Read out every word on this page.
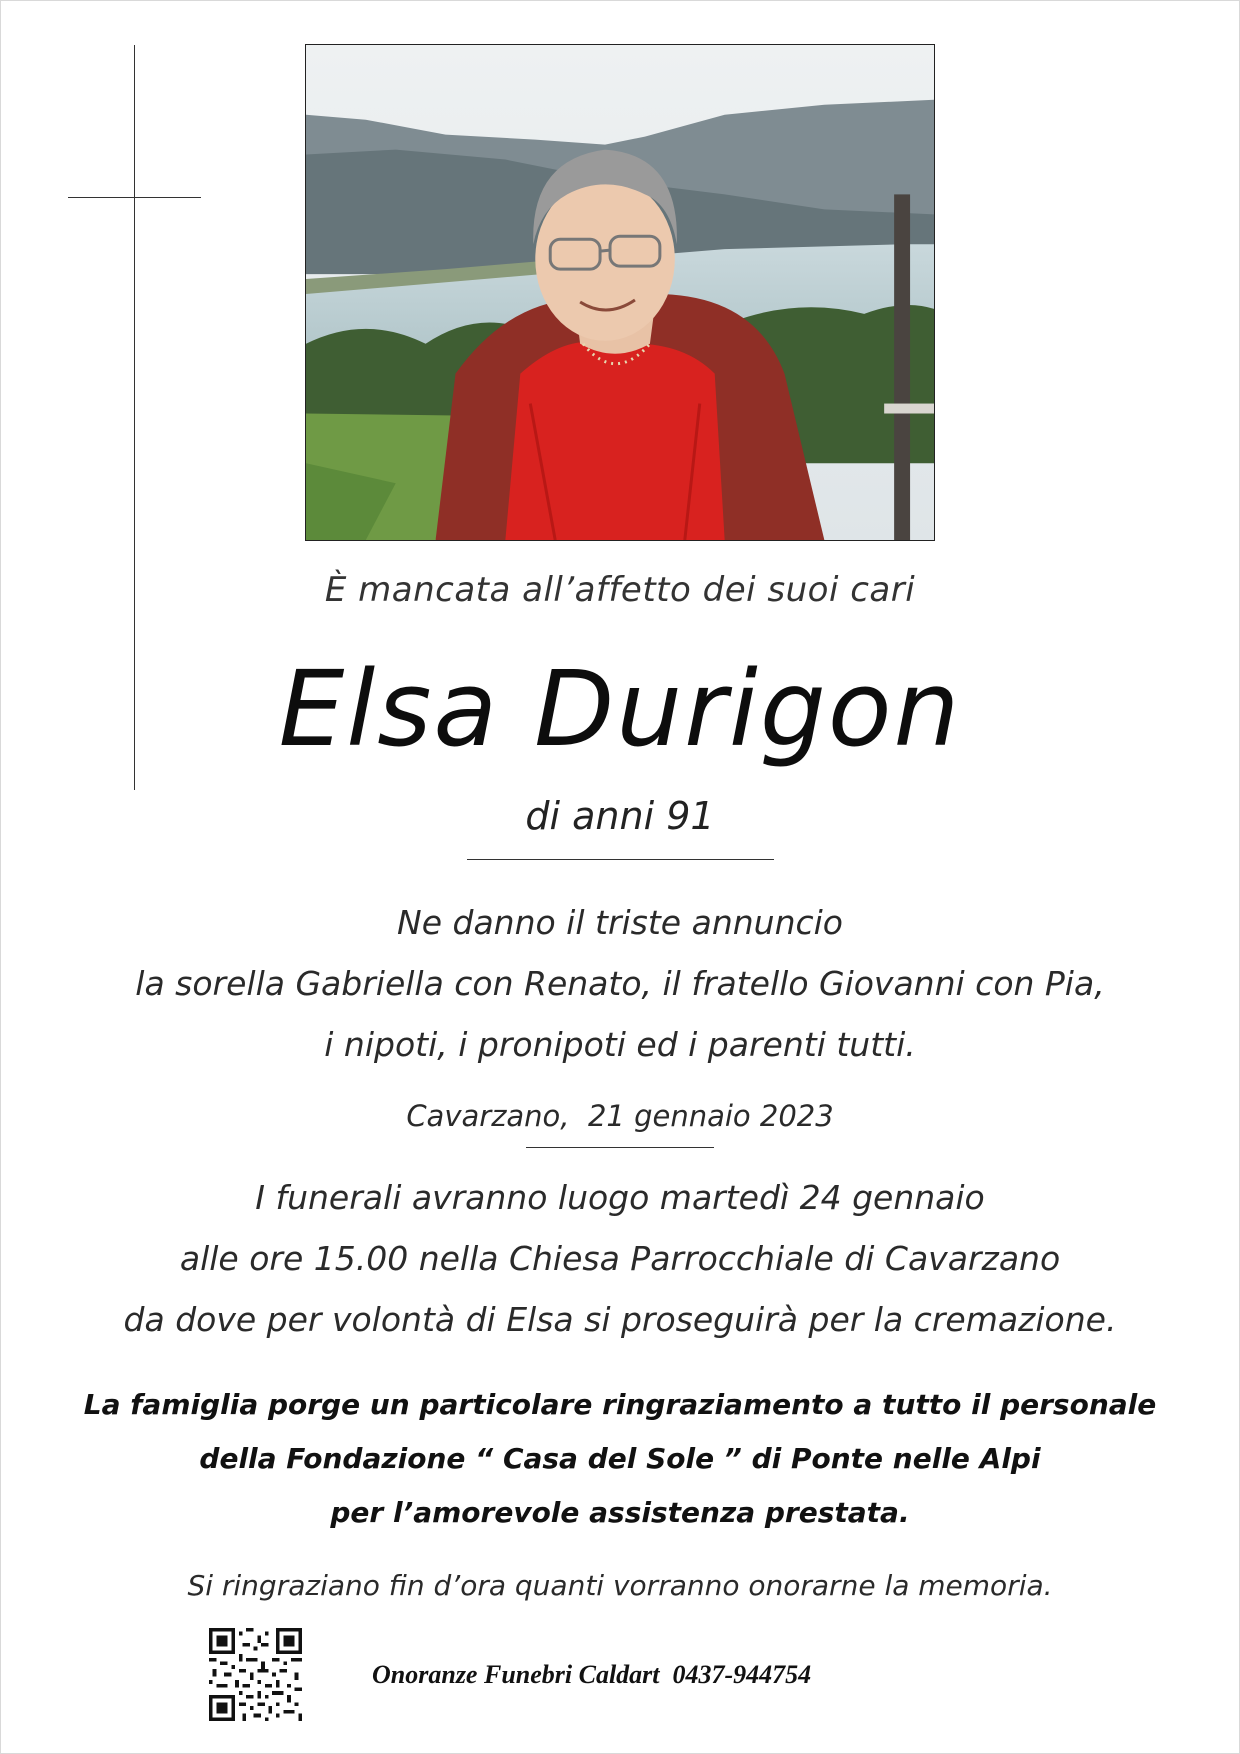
È mancata all’affetto dei suoi cari
Elsa Durigon
di anni 91
Ne danno il triste annuncio
la sorella Gabriella con Renato, il fratello Giovanni con Pia,
i nipoti, i pronipoti ed i parenti tutti.
Cavarzano,  21 gennaio 2023
I funerali avranno luogo martedì 24 gennaio
alle ore 15.00 nella Chiesa Parrocchiale di Cavarzano
da dove per volontà di Elsa si proseguirà per la cremazione.
La famiglia porge un particolare ringraziamento a tutto il personale
della Fondazione “ Casa del Sole ” di Ponte nelle Alpi
per l’amorevole assistenza prestata.
Si ringraziano fin d’ora quanti vorranno onorarne la memoria.
Onoranze Funebri Caldart  0437-944754
